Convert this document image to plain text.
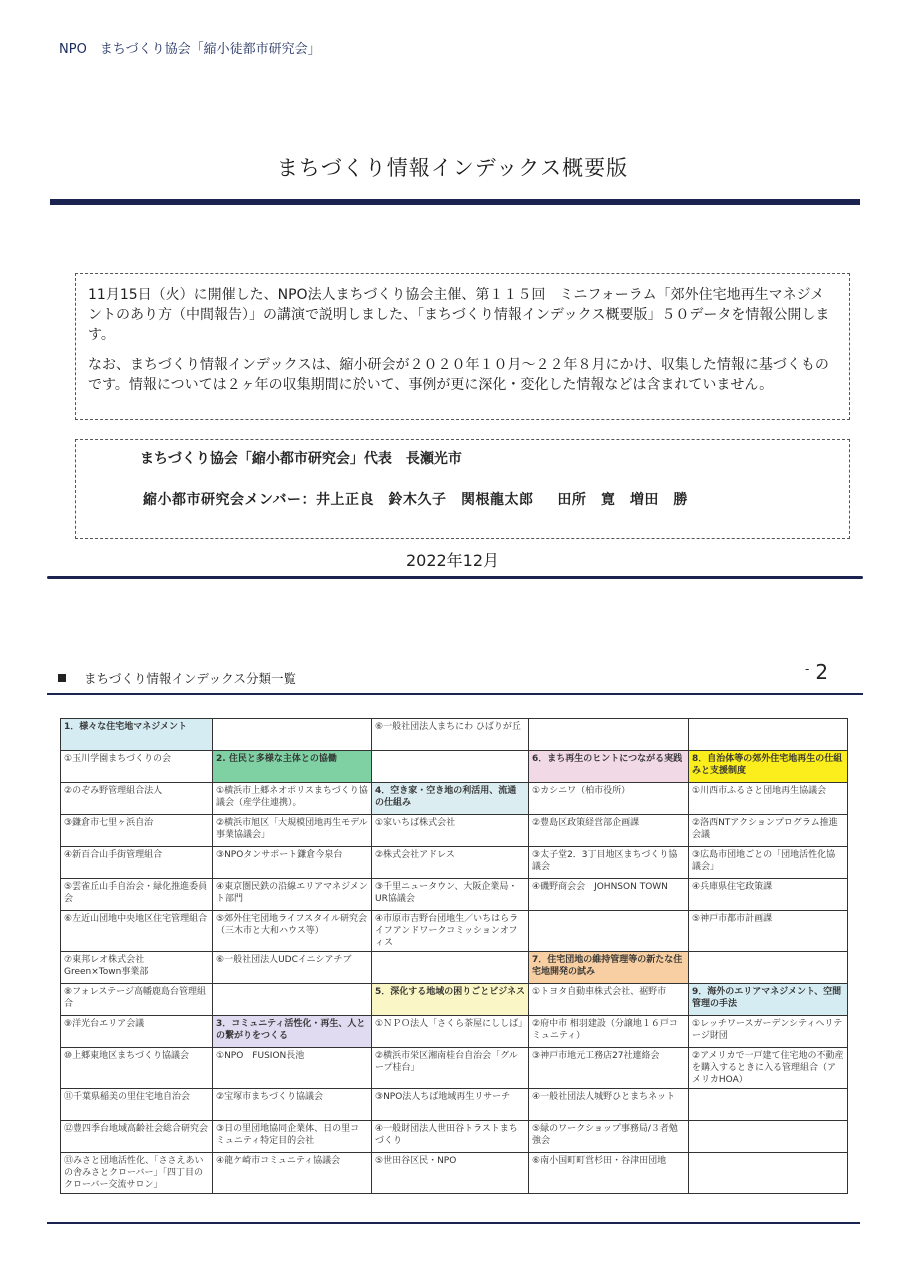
NPO　まちづくり協会「縮小徒都市研究会」
まちづくり情報インデックス概要版

11月15日（火）に開催した、NPO法人まちづくり協会主催、第１１５回　ミニフォーラム「郊外住宅地再生マネジメントのあり方（中間報告）」の講演で説明しました、「まちづくり情報インデックス概要版」５０データを情報公開します。

なお、まちづくり情報インデックスは、縮小研会が２０２０年１０月～２２年８月にかけ、収集した情報に基づくものです。情報については２ヶ年の収集期間に於いて、事例が更に深化・変化した情報などは含まれていません。

まちづくり協会「縮小都市研究会」代表　長瀬光市
縮小都市研究会メンバー：井上正良　鈴木久子　関根龍太郎　 田所　寛　増田　勝
2022年12月
まちづくり情報インデックス分類一覧
- 2
1．様々な住宅地マネジメント		⑥一般社団法人まちにわ ひばりが丘		
①玉川学園まちづくりの会	2. 住民と多様な主体との協働		6．まち再生のヒントにつながる実践	8．自治体等の郊外住宅地再生の仕組みと支援制度
②のぞみ野管理組合法人	①横浜市上郷ネオポリスまちづくり協議会（産学住連携）。	4．空き家・空き地の利活用、流通の仕組み	①カシニワ（柏市役所）	①川西市ふるさと団地再生協議会
③鎌倉市七里ヶ浜自治	②横浜市旭区「大規模団地再生モデル事業協議会」	①家いちば株式会社	②豊島区政策経営部企画課	②洛西NTアクションプログラム推進会議
④新百合山手街管理組合	③NPOタンサポート鎌倉今泉台	②株式会社アドレス	③太子堂2．3丁目地区まちづくり協議会	③広島市団地ごとの「団地活性化協議会」
⑤雲雀丘山手自治会・緑化推進委員会	④東京圏民鉄の沿線エリアマネジメント部門	③千里ニュータウン、大阪企業局・UR協議会	④磯野商会会　JOHNSON TOWN	④兵庫県住宅政策課
⑥左近山団地中央地区住宅管理組合	⑤郊外住宅団地ライフスタイル研究会（三木市と大和ハウス等）	④市原市吉野台団地生／いちはらライフアンドワークコミッションオフィス		⑤神戸市都市計画課
⑦東邦レオ株式会社　Green×Town事業部	⑥一般社団法人UDCイニシアチブ		7．住宅団地の維持管理等の新たな住宅地開発の試み	
⑧フォレステージ高幡鹿島台管理組合		5．深化する地域の困りごとビジネス	①トヨタ自動車株式会社、裾野市	9．海外のエリアマネジメント、空間管理の手法
⑨洋光台エリア会議	3．コミュニティ活性化・再生、人との繋がりをつくる	①ＮＰＯ法人「さくら茶屋にししば」	②府中市 相羽建設（分譲地１６戸コミュニティ）	①レッチワースガーデンシティヘリテージ財団
⑩上郷東地区まちづくり協議会	①NPO　FUSION長池	②横浜市栄区湘南桂台自治会「グループ桂台」	③神戸市地元工務店27社連絡会	②アメリカで一戸建て住宅地の不動産を購入するときに入る管理組合（アメリカHOA）
⑪千葉県稲美の里住宅地自治会	②宝塚市まちづくり協議会	③NPO法人ちば地域再生リサーチ	④一般社団法人城野ひとまちネット	
⑫豊四季台地域高齢社会総合研究会	③日の里団地協同企業体、日の里コミュニティ特定目的会社	④一般財団法人世田谷トラストまちづくり	⑤緑のワークショップ事務局/３者勉強会	
⑬みさと団地活性化、「ささえあいの舎みさとクローバー」「四丁目のクローバー交流サロン」	④龍ケ崎市コミュニティ協議会	⑤世田谷区民・NPO	⑥南小国町町営杉田・谷津田団地	
